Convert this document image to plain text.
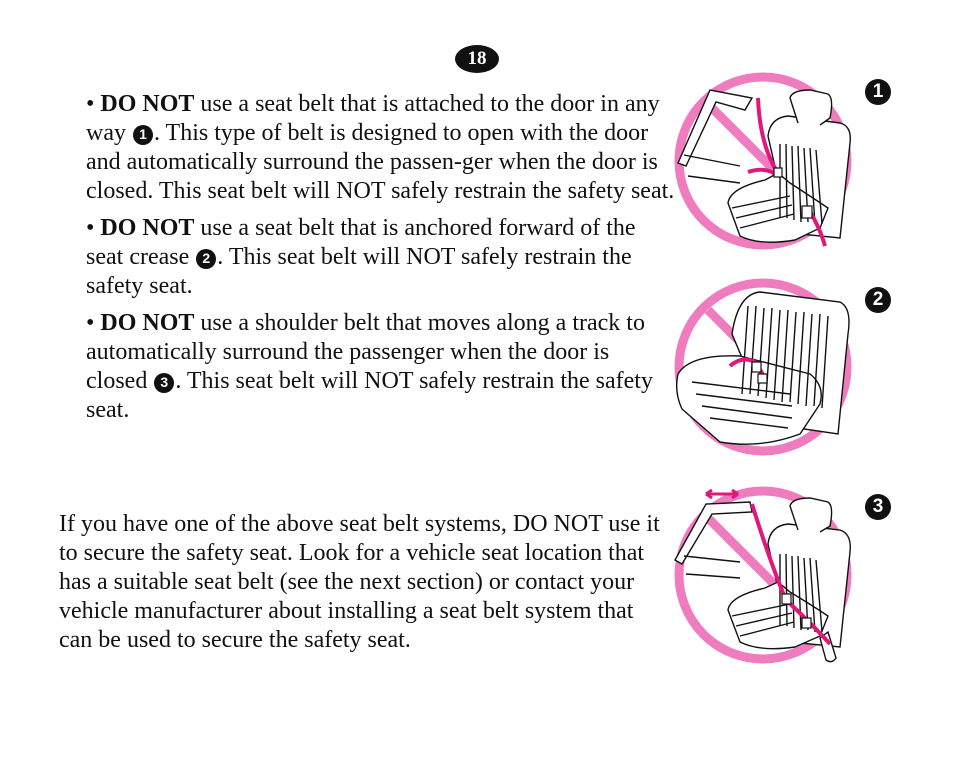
18

• DO NOT use a seat belt that is attached to the door in any way 1 . This type of belt is designed to open with the door and automatically surround the passen-ger when the door is closed. This seat belt will NOT safely restrain the safety seat.

• DO NOT use a seat belt that is anchored forward of the seat crease 2 . This seat belt will NOT safely restrain the safety seat.

• DO NOT use a shoulder belt that moves along a track to automatically surround the passenger when the door is closed 3 . This seat belt will NOT safely restrain the safety seat.

If you have one of the above seat belt systems, DO NOT use it to secure the safety seat. Look for a vehicle seat location that has a suitable seat belt (see the next section) or contact your vehicle manufacturer about installing a seat belt system that can be used to secure the safety seat.

1
2
3
